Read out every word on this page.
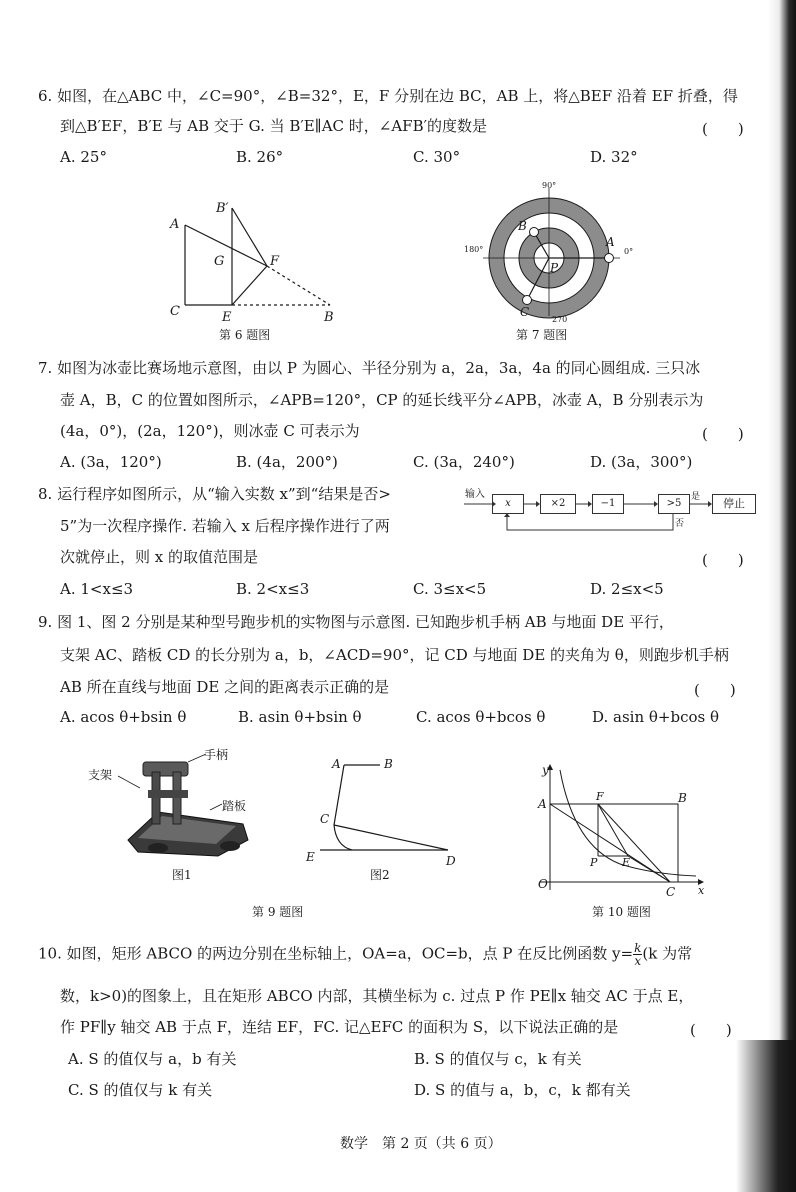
6. 如图，在△ABC 中，∠C=90°，∠B=32°，E，F 分别在边 BC，AB 上，将△BEF 沿着 EF 折叠，得
到△B′EF，B′E 与 AB 交于 G. 当 B′E∥AC 时，∠AFB′的度数是	(　　)
A. 25°	B. 26°	C. 30°	D. 32°
A
B′
G	F
C	E	B
第 6 题图
90°
180°	0°
270
A
B
C
P
第 7 题图
7. 如图为冰壶比赛场地示意图，由以 P 为圆心、半径分别为 a，2a，3a，4a 的同心圆组成. 三只冰
壶 A，B，C 的位置如图所示，∠APB=120°，CP 的延长线平分∠APB，冰壶 A，B 分别表示为
(4a，0°)，(2a，120°)，则冰壶 C 可表示为	(　　)
A. (3a，120°)	B. (4a，200°)	C. (3a，240°)	D. (3a，300°)
8. 运行程序如图所示，从“输入实数 x”到“结果是否>
5”为一次程序操作. 若输入 x 后程序操作进行了两
次就停止，则 x 的取值范围是	(　　)
A. 1<x≤3	B. 2<x≤3	C. 3≤x<5	D. 2≤x<5
输入
x	×2	−1	>5	停止
是
否
9. 图 1、图 2 分别是某种型号跑步机的实物图与示意图. 已知跑步机手柄 AB 与地面 DE 平行，
支架 AC、踏板 CD 的长分别为 a，b，∠ACD=90°，记 CD 与地面 DE 的夹角为 θ，则跑步机手柄
AB 所在直线与地面 DE 之间的距离表示正确的是	(　　)
A. acos θ+bsin θ	B. asin θ+bsin θ	C. acos θ+bcos θ	D. asin θ+bcos θ
支架
手柄
踏板
图1
A	B
C
E	D
图2
第 9 题图
y
A
F	B
P E
O
C x
第 10 题图
10. 如图，矩形 ABCO 的两边分别在坐标轴上，OA=a，OC=b，点 P 在反比例函数 $y= \frac{k}{x} (k$ 为常
数，k>0)的图象上，且在矩形 ABCO 内部，其横坐标为 c. 过点 P 作 PE∥x 轴交 AC 于点 E，
作 PF∥y 轴交 AB 于点 F，连结 EF，FC. 记△EFC 的面积为 S，以下说法正确的是	(　　)
A. S 的值仅与 a，b 有关	B. S 的值仅与 c，k 有关
C. S 的值仅与 k 有关	D. S 的值与 a，b，c，k 都有关
数学　第 2 页（共 6 页）
